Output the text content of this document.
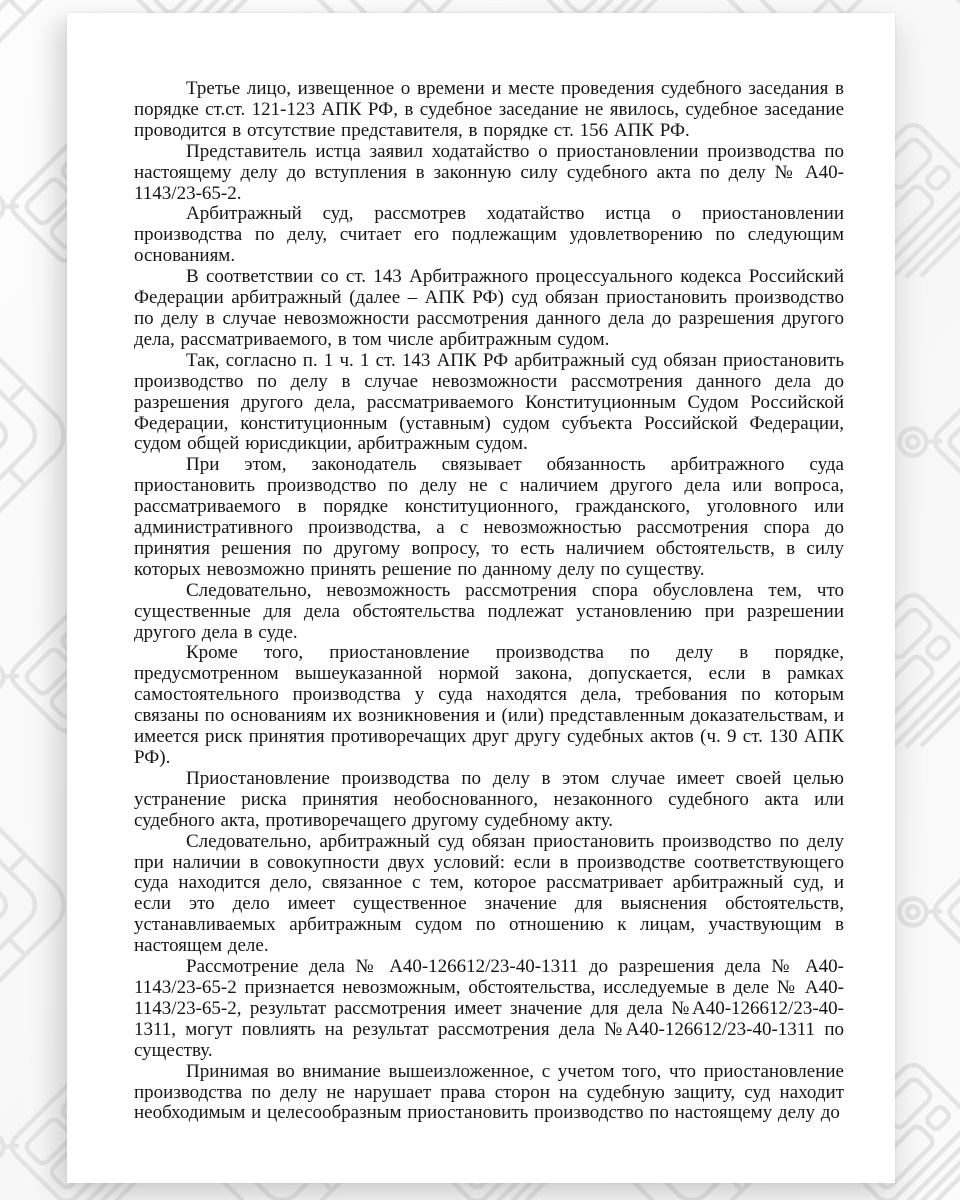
Третье лицо, извещенное о времени и месте проведения судебного заседания в порядке ст.ст. 121-123 АПК РФ, в судебное заседание не явилось, судебное заседание проводится в отсутствие представителя, в порядке ст. 156 АПК РФ.

Представитель истца заявил ходатайство о приостановлении производства по настоящему делу до вступления в законную силу судебного акта по делу № А40-1143/23-65-2.

Арбитражный суд, рассмотрев ходатайство истца о приостановлении производства по делу, считает его подлежащим удовлетворению по следующим основаниям.

В соответствии со ст. 143 Арбитражного процессуального кодекса Российский Федерации арбитражный (далее – АПК РФ) суд обязан приостановить производство по делу в случае невозможности рассмотрения данного дела до разрешения другого дела, рассматриваемого, в том числе арбитражным судом.

Так, согласно п. 1 ч. 1 ст. 143 АПК РФ арбитражный суд обязан приостановить производство по делу в случае невозможности рассмотрения данного дела до разрешения другого дела, рассматриваемого Конституционным Судом Российской Федерации, конституционным (уставным) судом субъекта Российской Федерации, судом общей юрисдикции, арбитражным судом.

При этом, законодатель связывает обязанность арбитражного суда приостановить производство по делу не с наличием другого дела или вопроса, рассматриваемого в порядке конституционного, гражданского, уголовного или административного производства, а с невозможностью рассмотрения спора до принятия решения по другому вопросу, то есть наличием обстоятельств, в силу которых невозможно принять решение по данному делу по существу.

Следовательно, невозможность рассмотрения спора обусловлена тем, что существенные для дела обстоятельства подлежат установлению при разрешении другого дела в суде.

Кроме того, приостановление производства по делу в порядке, предусмотренном вышеуказанной нормой закона, допускается, если в рамках самостоятельного производства у суда находятся дела, требования по которым связаны по основаниям их возникновения и (или) представленным доказательствам, и имеется риск принятия противоречащих друг другу судебных актов (ч. 9 ст. 130 АПК РФ).

Приостановление производства по делу в этом случае имеет своей целью устранение риска принятия необоснованного, незаконного судебного акта или судебного акта, противоречащего другому судебному акту.

Следовательно, арбитражный суд обязан приостановить производство по делу при наличии в совокупности двух условий: если в производстве соответствующего суда находится дело, связанное с тем, которое рассматривает арбитражный суд, и если это дело имеет существенное значение для выяснения обстоятельств, устанавливаемых арбитражным судом по отношению к лицам, участвующим в настоящем деле.

Рассмотрение дела № А40-126612/23-40-1311 до разрешения дела № А40-1143/23-65-2 признается невозможным, обстоятельства, исследуемые в деле № А40-1143/23-65-2, результат рассмотрения имеет значение для дела №А40-126612/23-40-1311, могут повлиять на результат рассмотрения дела №А40-126612/23-40-1311 по существу.

Принимая во внимание вышеизложенное, с учетом того, что приостановление производства по делу не нарушает права сторон на судебную защиту, суд находит необходимым и целесообразным приостановить производство по настоящему делу до
